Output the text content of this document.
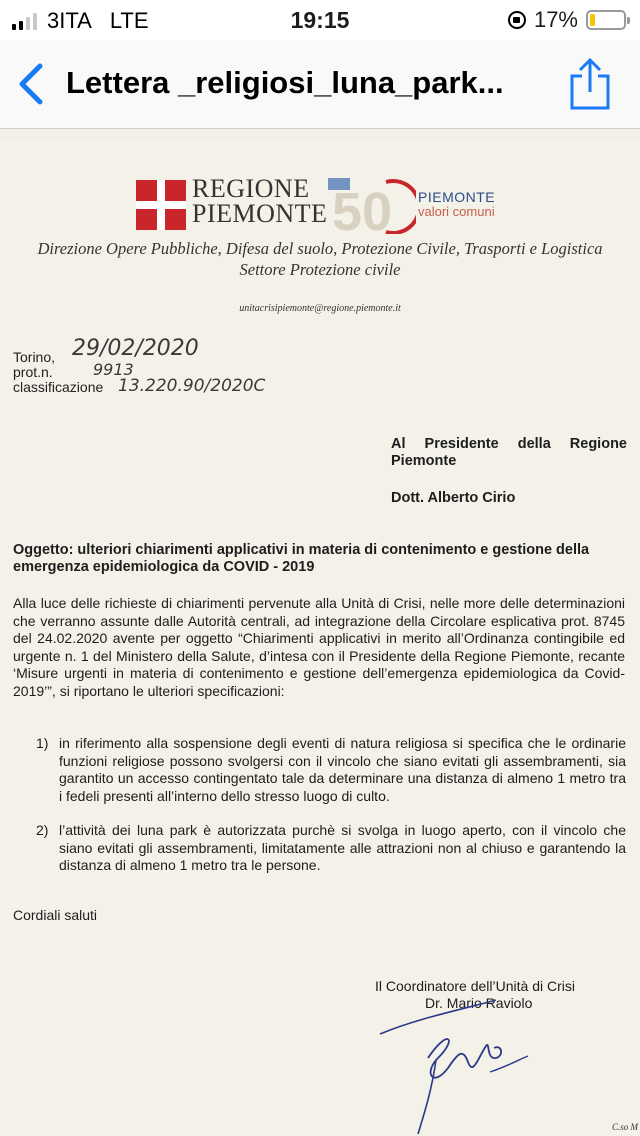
3ITA LTE	19:15	17%
Lettera _religiosi_luna_park...
REGIONE
PIEMONTE 50 PIEMONTE
valori comuni
Direzione Opere Pubbliche, Difesa del suolo, Protezione Civile, Trasporti e Logistica
Settore Protezione civile
unitacrisipiemonte@regione.piemonte.it
Torino,
prot.n.
classificazione
29/02/2020
9913
13.220.90/2020C
Al Presidente della Regione
Piemonte
Dott. Alberto Cirio
Oggetto: ulteriori chiarimenti applicativi in materia di contenimento e gestione della emergenza epidemiologica da COVID - 2019
Alla luce delle richieste di chiarimenti pervenute alla Unità di Crisi, nelle more delle determinazioni che verranno assunte dalle Autorità centrali, ad integrazione della Circolare esplicativa prot. 8745 del 24.02.2020 avente per oggetto “Chiarimenti applicativi in merito all’Ordinanza contingibile ed urgente n. 1 del Ministero della Salute, d’intesa con il Presidente della Regione Piemonte, recante ‘Misure urgenti in materia di contenimento e gestione dell’emergenza epidemiologica da Covid-2019’”, si riportano le ulteriori specificazioni:
1) in riferimento alla sospensione degli eventi di natura religiosa si specifica che le ordinarie funzioni religiose possono svolgersi con il vincolo che siano evitati gli assembramenti, sia garantito un accesso contingentato tale da determinare una distanza di almeno 1 metro tra i fedeli presenti all’interno dello stresso luogo di culto.
2) l’attività dei luna park è autorizzata purchè si svolga in luogo aperto, con il vincolo che siano evitati gli assembramenti, limitatamente alle attrazioni non al chiuso e garantendo la distanza di almeno 1 metro tra le persone.
Cordiali saluti
Il Coordinatore dell’Unità di Crisi
Dr. Mario Raviolo
C.so M
